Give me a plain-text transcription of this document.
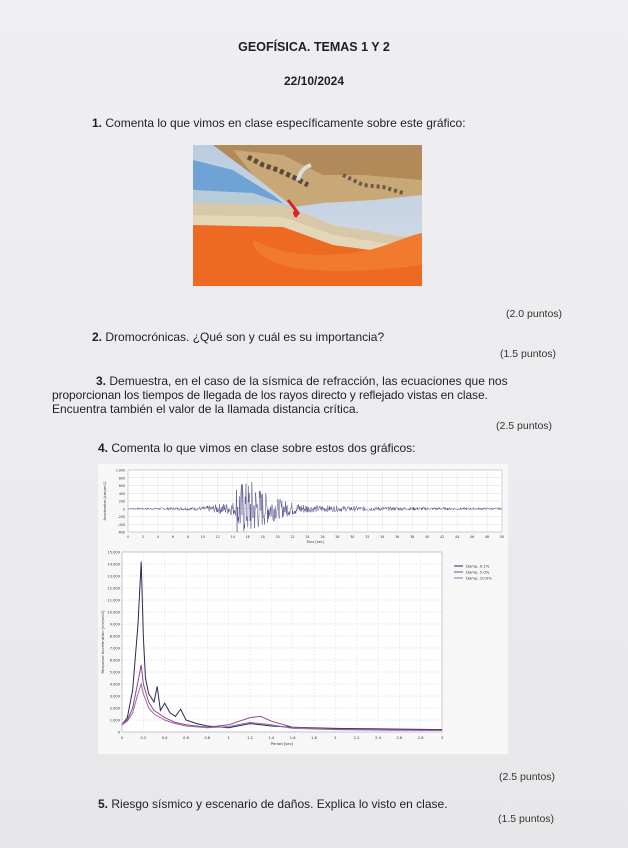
GEOFÍSICA. TEMAS 1 Y 2
22/10/2024
1. Comenta lo que vimos en clase específicamente sobre este gráfico:
(2.0 puntos)
2. Dromocrónicas. ¿Qué son y cuál es su importancia?
(1.5 puntos)
3. Demuestra, en el caso de la sísmica de refracción, las ecuaciones que nos
proporcionan los tiempos de llegada de los rayos directo y reflejado vistas en clase.
Encuentra también el valor de la llamada distancia crítica.
(2.5 puntos)
4. Comenta lo que vimos en clase sobre estos dos gráficos:
1.000
800
600
400
200
0
-200
-400
-600
0	2	4	6	8	10	12	14	16	18	20	22	24	26	28	30	32	34	36	38	40	42	44	46	48	50
Time [sec]
Acceleration [cm/sec2]
15.000
14.000
13.000
12.000
11.000
10.000
9.000
8.000
7.000
6.000
5.000
4.000
3.000
2.000
1.000
0
0	0.2	0.4	0.6	0.8	1	1.2	1.4	1.6	1.8	2	2.2	2.4	2.6	2.8	3
Period [sec]
Response Acceleration [cm/sec2]
Damp. 0.1%
Damp. 5.0%
Damp. 10.0%
(2.5 puntos)
5. Riesgo sísmico y escenario de daños. Explica lo visto en clase.
(1.5 puntos)
